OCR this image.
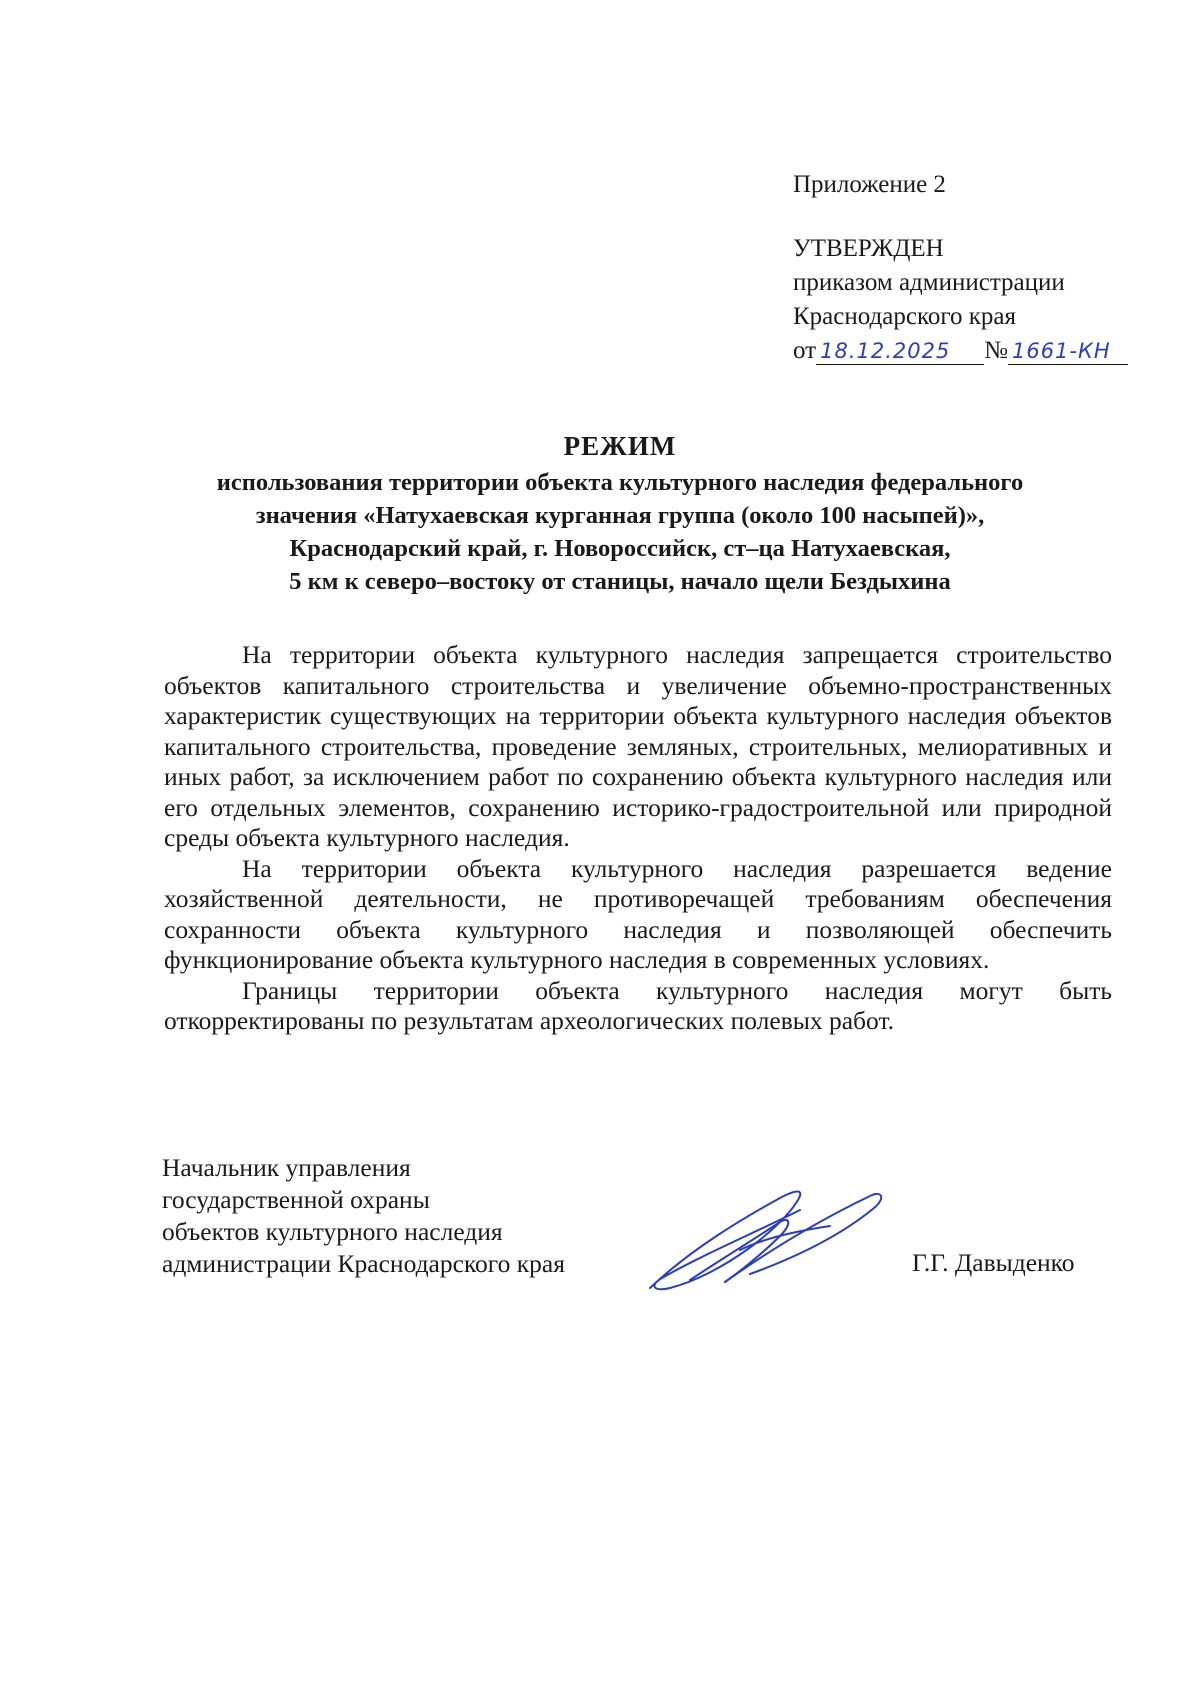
Приложение 2
УТВЕРЖДЕН
приказом администрации
Краснодарского края
от 18.12.2025 № 1661-КН
РЕЖИМ
использования территории объекта культурного наследия федерального
значения «Натухаевская курганная группа (около 100 насыпей)»,
Краснодарский край, г. Новороссийск, ст–ца Натухаевская,
5 км к северо–востоку от станицы, начало щели Бездыхина

На территории объекта культурного наследия запрещается строительство объектов капитального строительства и увеличение объемно-пространственных характеристик существующих на территории объекта культурного наследия объектов капитального строительства, проведение земляных, строительных, мелиоративных и иных работ, за исключением работ по сохранению объекта культурного наследия или его отдельных элементов, сохранению историко-градостроительной или природной среды объекта культурного наследия.

На территории объекта культурного наследия разрешается ведение хозяйственной деятельности, не противоречащей требованиям обеспечения сохранности объекта культурного наследия и позволяющей обеспечить функционирование объекта культурного наследия в современных условиях.

Границы территории объекта культурного наследия могут быть откорректированы по результатам археологических полевых работ.

Начальник управления
государственной охраны
объектов культурного наследия
администрации Краснодарского края	Г.Г. Давыденко
